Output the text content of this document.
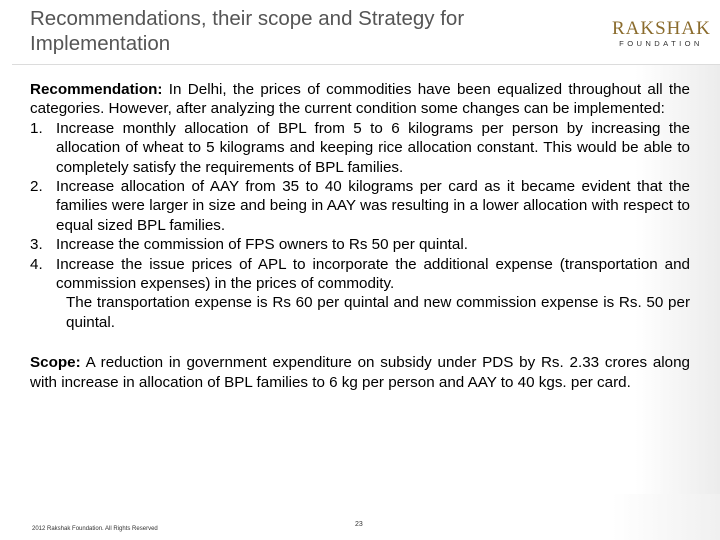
Recommendations, their scope and Strategy for Implementation
RAKSHAK
FOUNDATION

Recommendation: In Delhi, the prices of commodities have been equalized throughout all the categories. However, after analyzing the current condition some changes can be implemented:

1. Increase monthly allocation of BPL from 5 to 6 kilograms per person by increasing the allocation of wheat to 5 kilograms and keeping rice allocation constant. This would be able to completely satisfy the requirements of BPL families.
2. Increase allocation of AAY from 35 to 40 kilograms per card as it became evident that the families were larger in size and being in AAY was resulting in a lower allocation with respect to equal sized BPL families.
3. Increase the commission of FPS owners to Rs 50 per quintal.
4. Increase the issue prices of APL to incorporate the additional expense (transportation and commission expenses) in the prices of commodity.

The transportation expense is Rs 60 per quintal and new commission expense is Rs. 50 per quintal.

Scope: A reduction in government expenditure on subsidy under PDS by Rs. 2.33 crores along with increase in allocation of BPL families to 6 kg per person and AAY to 40 kgs. per card.

2012 Rakshak Foundation. All Rights Reserved
23
